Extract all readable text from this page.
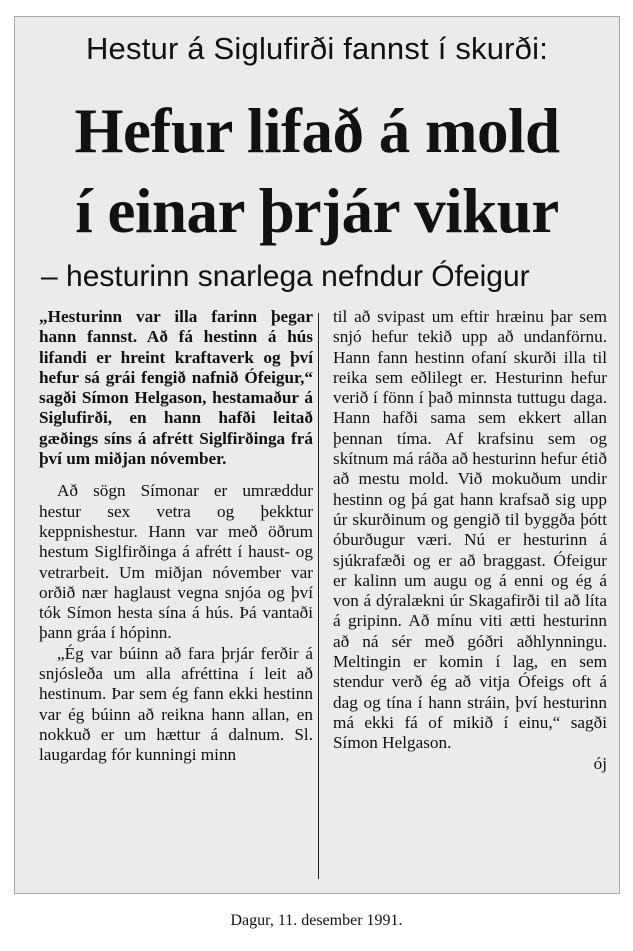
Hestur á Siglufirði fannst í skurði:
Hefur lifað á mold
í einar þrjár vikur
– hesturinn snarlega nefndur Ófeigur

„Hesturinn var illa farinn þegar hann fannst. Að fá hestinn á hús lifandi er hreint kraftaverk og því hefur sá grái fengið nafnið Ófeigur,“ sagði Símon Helgason, hestamaður á Siglufirði, en hann hafði leitað gæðings síns á afrétt Siglfirðinga frá því um miðjan nóvember.

Að sögn Símonar er umræddur hestur sex vetra og þekktur keppnishestur. Hann var með öðrum hestum Siglfirðinga á afrétt í haust- og vetrarbeit. Um miðjan nóvember var orðið nær haglaust vegna snjóa og því tók Símon hesta sína á hús. Þá vantaði þann gráa í hópinn.

„Ég var búinn að fara þrjár ferðir á snjósleða um alla afréttina í leit að hestinum. Þar sem ég fann ekki hestinn var ég búinn að reikna hann allan, en nokkuð er um hættur á dalnum. Sl. laugardag fór kunningi minn

til að svipast um eftir hræinu þar sem snjó hefur tekið upp að undanförnu. Hann fann hestinn ofaní skurði illa til reika sem eðlilegt er. Hesturinn hefur verið í fönn í það minnsta tuttugu daga. Hann hafði sama sem ekkert allan þennan tíma. Af krafsinu sem og skítnum má ráða að hesturinn hefur étið að mestu mold. Við mokuðum undir hestinn og þá gat hann krafsað sig upp úr skurðinum og gengið til byggða þótt óburðugur væri. Nú er hesturinn á sjúkrafæði og er að braggast. Ófeigur er kalinn um augu og á enni og ég á von á dýralækni úr Skagafirði til að líta á gripinn. Að mínu viti ætti hesturinn að ná sér með góðri aðhlynningu. Meltingin er komin í lag, en sem stendur verð ég að vitja Ófeigs oft á dag og tína í hann stráin, því hesturinn má ekki fá of mikið í einu,“ sagði Símon Helgason.

ój

Dagur, 11. desember 1991.
